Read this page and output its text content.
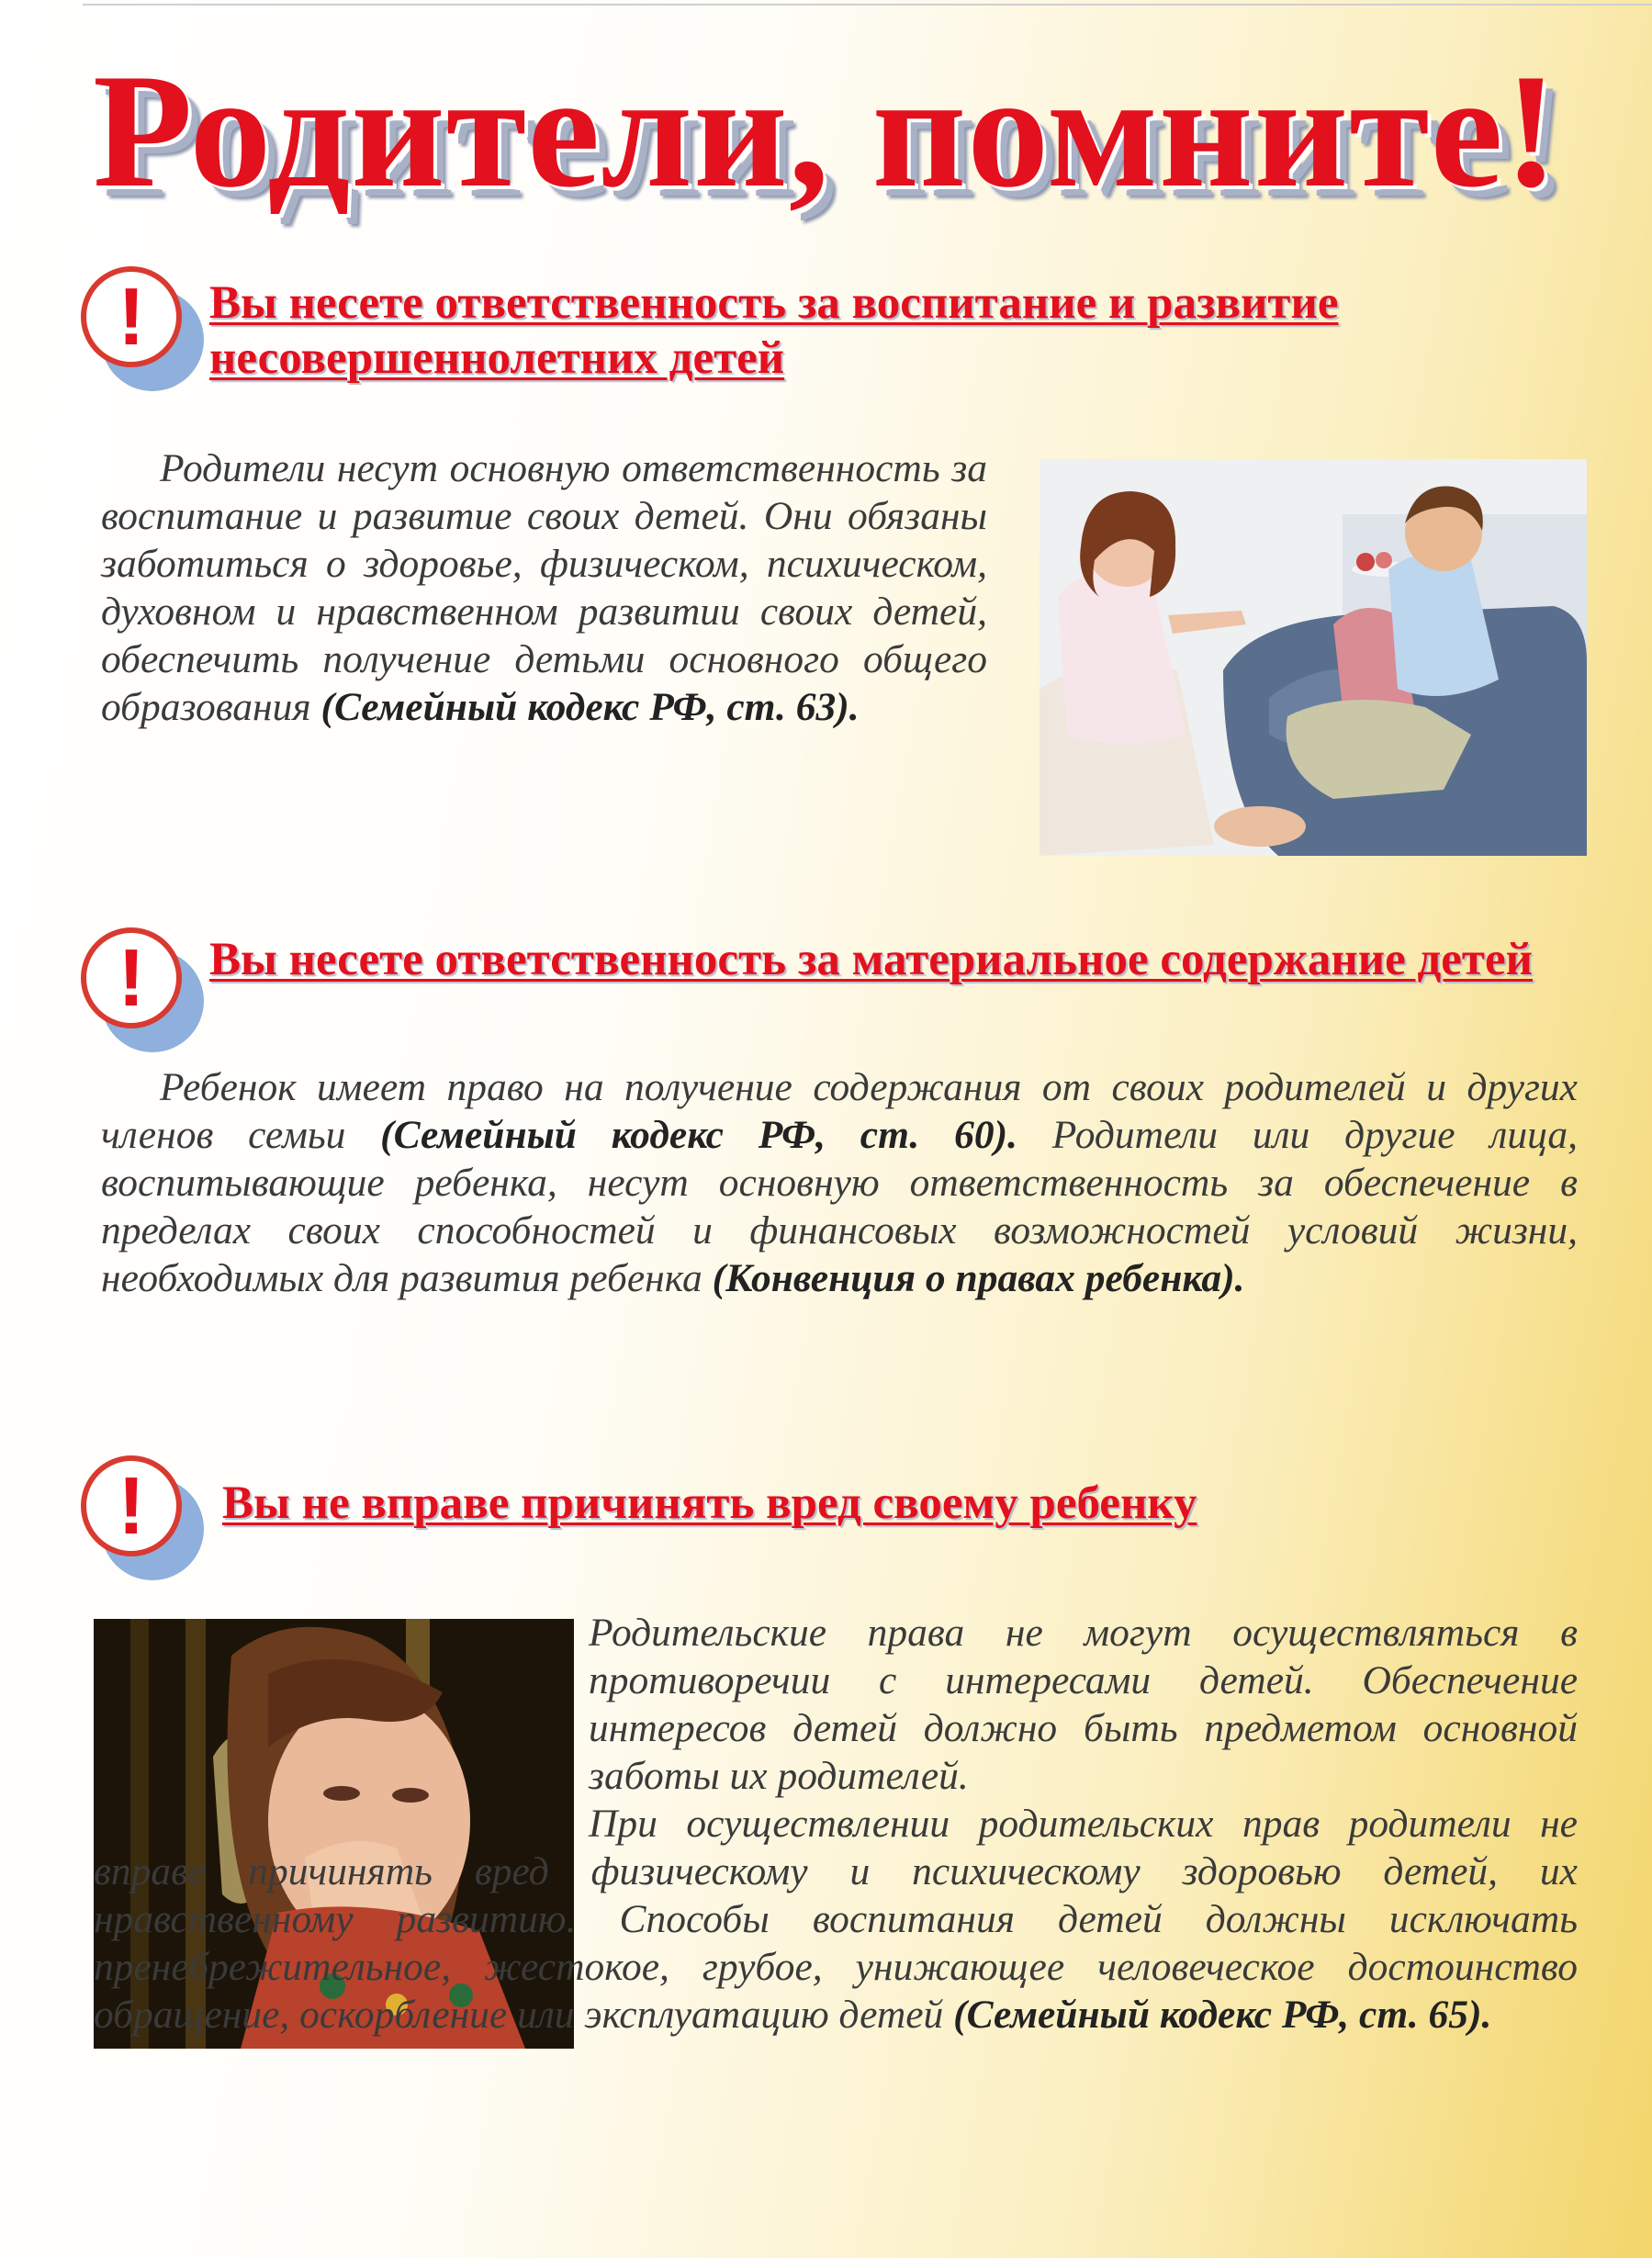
Родители, помните!
!	Вы несете ответственность за воспитание и развитие несовершеннолетних детей

Родители несут основную ответственность за воспитание и развитие своих детей. Они обязаны заботиться о здоровье, физическом, психическом, духовном и нравственном развитии своих детей, обеспечить получение детьми основного общего образования (Семейный кодекс РФ, ст. 63).

!	Вы несете ответственность за материальное содержание детей

Ребенок имеет право на получение содержания от своих родителей и других членов семьи (Семейный кодекс РФ, ст. 60). Родители или другие лица, воспитывающие ребенка, несут основную ответственность за обеспечение в пределах своих способностей и финансовых возможностей условий жизни, необходимых для развития ребенка (Конвенция о правах ребенка).

!	Вы не вправе причинять вред своему ребенку

Родительские права не могут осуществляться в противоречии с интересами детей. Обеспечение интересов детей должно быть предметом основной заботы их родителей.

При осуществлении родительских прав родители не вправе причинять вред физическому и психическому здоровью детей, их нравственному развитию. Способы воспитания детей должны исключать пренебрежительное, жестокое, грубое, унижающее человеческое достоинство обращение, оскорбление или эксплуатацию детей (Семейный кодекс РФ, ст. 65).
